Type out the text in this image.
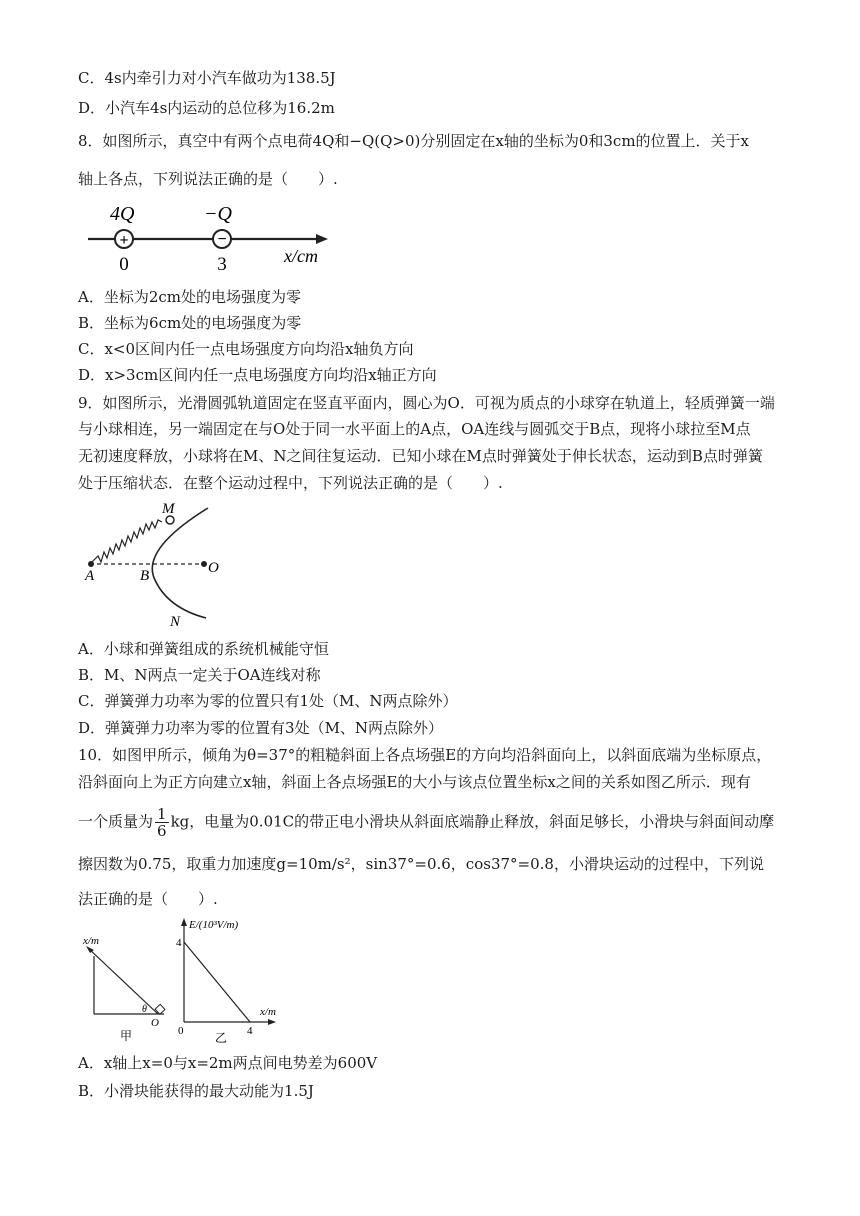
C．4s内牵引力对小汽车做功为138.5J
D．小汽车4s内运动的总位移为16.2m
8．如图所示，真空中有两个点电荷4Q和−Q(Q>0)分别固定在x轴的坐标为0和3cm的位置上．关于x
轴上各点，下列说法正确的是（　　）.
4Q	−Q
+	−
0	3	x/cm
A．坐标为2cm处的电场强度为零
B．坐标为6cm处的电场强度为零
C．x<0区间内任一点电场强度方向均沿x轴负方向
D．x>3cm区间内任一点电场强度方向均沿x轴正方向
9．如图所示，光滑圆弧轨道固定在竖直平面内，圆心为O．可视为质点的小球穿在轨道上，轻质弹簧一端
与小球相连，另一端固定在与O处于同一水平面上的A点，OA连线与圆弧交于B点，现将小球拉至M点
无初速度释放，小球将在M、N之间往复运动．已知小球在M点时弹簧处于伸长状态，运动到B点时弹簧
处于压缩状态．在整个运动过程中，下列说法正确的是（　　）.
M
A	B	O
N
A．小球和弹簧组成的系统机械能守恒
B．M、N两点一定关于OA连线对称
C．弹簧弹力功率为零的位置只有1处（M、N两点除外）
D．弹簧弹力功率为零的位置有3处（M、N两点除外）
10．如图甲所示，倾角为θ=37°的粗糙斜面上各点场强E的方向均沿斜面向上，以斜面底端为坐标原点，
沿斜面向上为正方向建立x轴，斜面上各点场强E的大小与该点位置坐标x之间的关系如图乙所示．现有
一个质量为 $\frac{1}{6}$ kg，电量为0.01C的带正电小滑块从斜面底端静止释放，斜面足够长，小滑块与斜面间动摩
擦因数为0.75，取重力加速度g=10m/s²，sin37°=0.6，cos37°=0.8，小滑块运动的过程中，下列说
法正确的是（　　）.
x/m
θ
O
甲
E/(10³V/m)
x/m
4
0	4
乙
A．x轴上x=0与x=2m两点间电势差为600V
B．小滑块能获得的最大动能为1.5J
